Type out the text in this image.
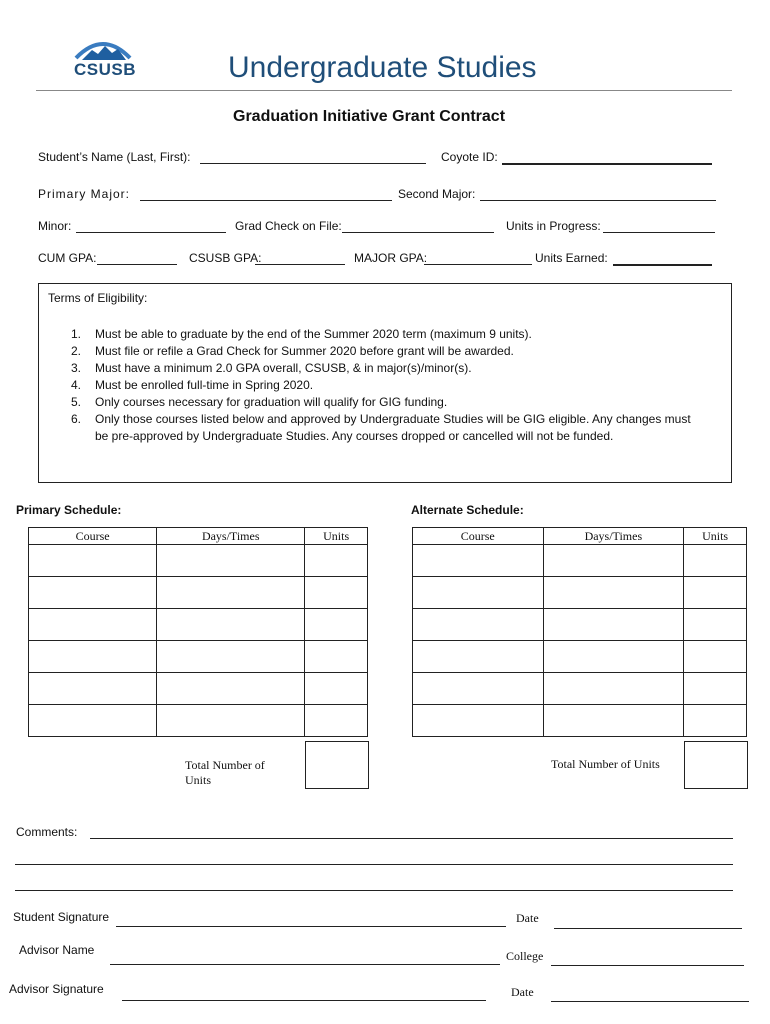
CSUSB	Undergraduate Studies
Graduation Initiative Grant Contract
Student’s Name (Last, First):	Coyote ID:
Primary Major:	Second Major:
Minor:	Grad Check on File:	Units in Progress:
CUM GPA:	CSUSB GPA:	MAJOR GPA:	Units Earned:
Terms of Eligibility:
1. Must be able to graduate by the end of the Summer 2020 term (maximum 9 units).
2. Must file or refile a Grad Check for Summer 2020 before grant will be awarded.
3. Must have a minimum 2.0 GPA overall, CSUSB, & in major(s)/minor(s).
4. Must be enrolled full-time in Spring 2020.
5. Only courses necessary for graduation will qualify for GIG funding.
6. Only those courses listed below and approved by Undergraduate Studies will be GIG eligible. Any changes must
be pre-approved by Undergraduate Studies. Any courses dropped or cancelled will not be funded.
Primary Schedule:	Alternate Schedule:
Course	Days/Times	Units

Total Number of Units
Course	Days/Times	Units

Total Number of Units
Comments:
Student Signature	Date
Advisor Name	College
Advisor Signature	Date
